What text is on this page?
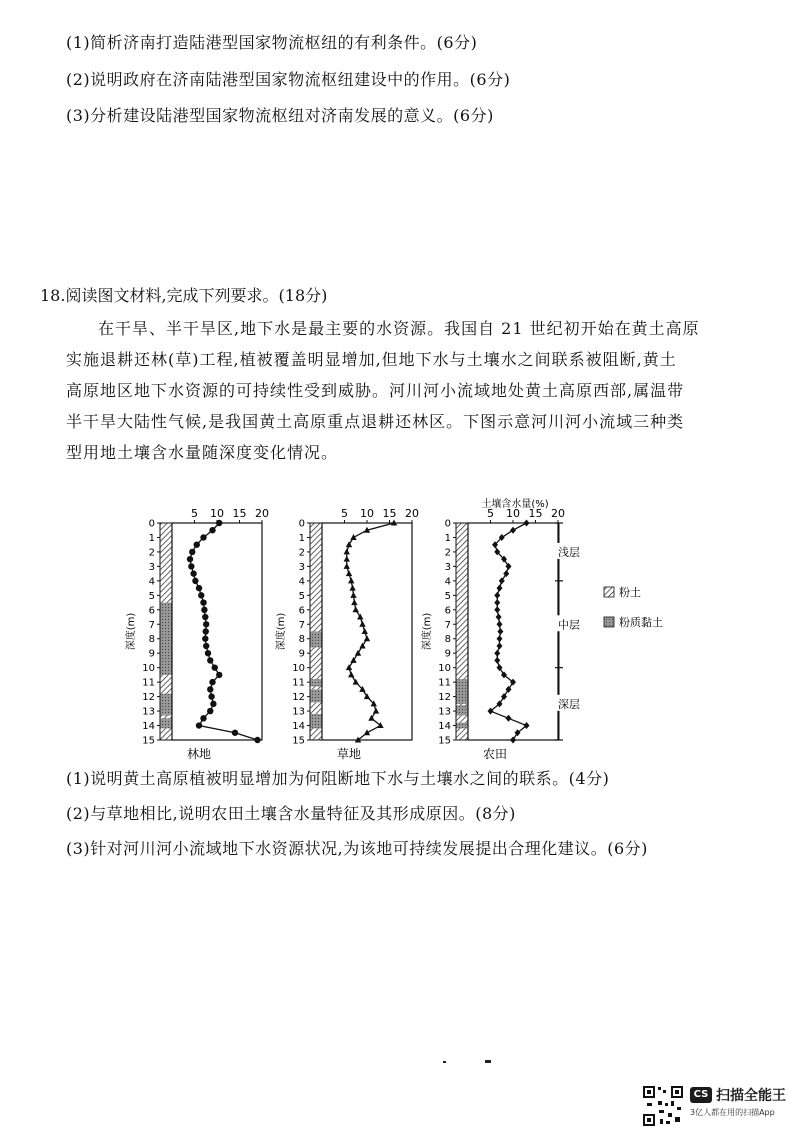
(1)简析济南打造陆港型国家物流枢纽的有利条件。(6分)
(2)说明政府在济南陆港型国家物流枢纽建设中的作用。(6分)
(3)分析建设陆港型国家物流枢纽对济南发展的意义。(6分)
18.阅读图文材料,完成下列要求。(18分)
在干旱、半干旱区,地下水是最主要的水资源。我国自 21 世纪初开始在黄土高原
实施退耕还林(草)工程,植被覆盖明显增加,但地下水与土壤水之间联系被阻断,黄土
高原地区地下水资源的可持续性受到威胁。河川河小流域地处黄土高原西部,属温带
半干旱大陆性气候,是我国黄土高原重点退耕还林区。下图示意河川河小流域三种类
型用地土壤含水量随深度变化情况。
5 10 15 20
0
1
2
3
4
5
6
7
8
9
10
11
12
13
14
15
深度(m)
林地
5 10 15 20
0
1
2
3
4
5
6
7
8
9
10
11
12
13
14
15
深度(m)
草地
5 10 15 20
0
1
2
3
4
5
6
7
8
9
10
11
12
13
14
15
深度(m)
农田
土壤含水量(%)
浅层
中层
深层
粉土
粉质黏土
(1)说明黄土高原植被明显增加为何阻断地下水与土壤水之间的联系。(4分)
(2)与草地相比,说明农田土壤含水量特征及其形成原因。(8分)
(3)针对河川河小流域地下水资源状况,为该地可持续发展提出合理化建议。(6分)
CS 扫描全能王
3亿人都在用的扫描App
